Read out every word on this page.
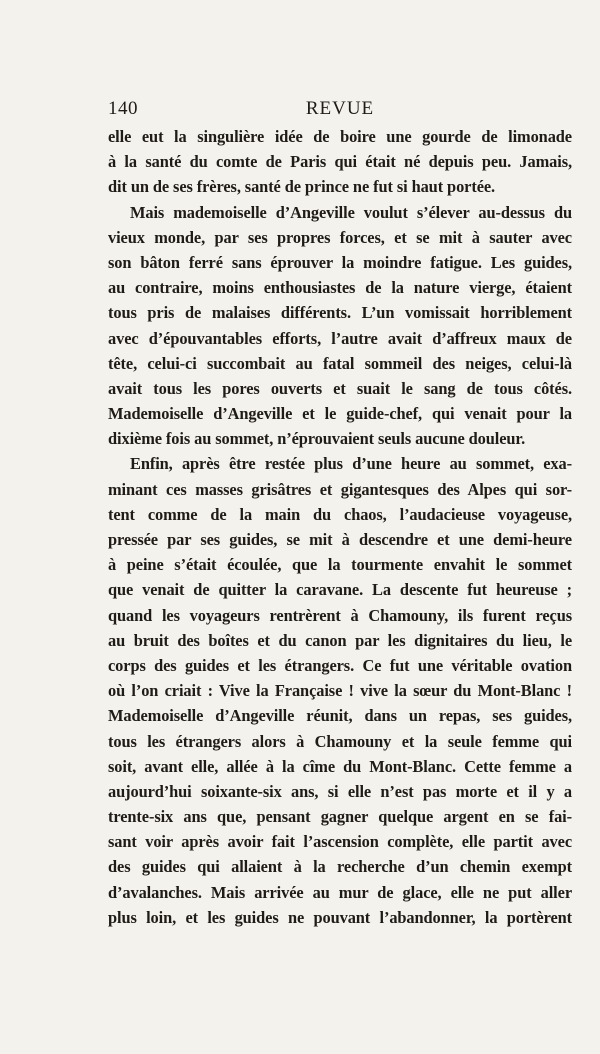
140	REVUE
elle eut la singulière idée de boire une gourde de limonade
à la santé du comte de Paris qui était né depuis peu. Jamais,
dit un de ses frères, santé de prince ne fut si haut portée.
Mais mademoiselle d’Angeville voulut s’élever au-dessus du
vieux monde, par ses propres forces, et se mit à sauter avec
son bâton ferré sans éprouver la moindre fatigue. Les guides,
au contraire, moins enthousiastes de la nature vierge, étaient
tous pris de malaises différents. L’un vomissait horriblement
avec d’épouvantables efforts, l’autre avait d’affreux maux de
tête, celui-ci succombait au fatal sommeil des neiges, celui-là
avait tous les pores ouverts et suait le sang de tous côtés.
Mademoiselle d’Angeville et le guide-chef, qui venait pour la
dixième fois au sommet, n’éprouvaient seuls aucune douleur.
Enfin, après être restée plus d’une heure au sommet, exa-
minant ces masses grisâtres et gigantesques des Alpes qui sor-
tent comme de la main du chaos, l’audacieuse voyageuse,
pressée par ses guides, se mit à descendre et une demi-heure
à peine s’était écoulée, que la tourmente envahit le sommet
que venait de quitter la caravane. La descente fut heureuse ;
quand les voyageurs rentrèrent à Chamouny, ils furent reçus
au bruit des boîtes et du canon par les dignitaires du lieu, le
corps des guides et les étrangers. Ce fut une véritable ovation
où l’on criait : Vive la Française ! vive la sœur du Mont-Blanc !
Mademoiselle d’Angeville réunit, dans un repas, ses guides,
tous les étrangers alors à Chamouny et la seule femme qui
soit, avant elle, allée à la cîme du Mont-Blanc. Cette femme a
aujourd’hui soixante-six ans, si elle n’est pas morte et il y a
trente-six ans que, pensant gagner quelque argent en se fai-
sant voir après avoir fait l’ascension complète, elle partit avec
des guides qui allaient à la recherche d’un chemin exempt
d’avalanches. Mais arrivée au mur de glace, elle ne put aller
plus loin, et les guides ne pouvant l’abandonner, la portèrent
